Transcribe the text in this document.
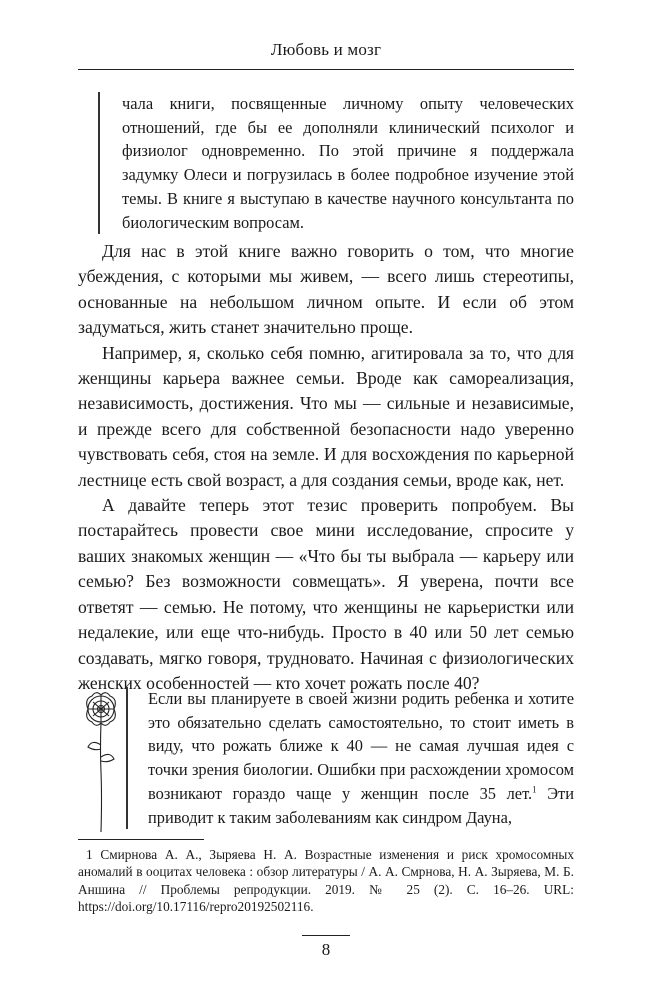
Любовь и мозг

чала книги, посвященные личному опыту человеческих отношений, где бы ее дополняли клинический психолог и физиолог одновременно. По этой причине я поддержала задумку Олеси и погрузилась в более подробное изучение этой темы. В книге я выступаю в качестве научного консультанта по биологическим вопросам.

Для нас в этой книге важно говорить о том, что многие убеждения, с которыми мы живем, — всего лишь стереотипы, основанные на небольшом личном опыте. И если об этом задуматься, жить станет значительно проще.

Например, я, сколько себя помню, агитировала за то, что для женщины карьера важнее семьи. Вроде как самореализация, независимость, достижения. Что мы — сильные и независимые, и прежде всего для собственной безопасности надо уверенно чувствовать себя, стоя на земле. И для восхождения по карьерной лестнице есть свой возраст, а для создания семьи, вроде как, нет.

А давайте теперь этот тезис проверить попробуем. Вы постарайтесь провести свое мини исследование, спросите у ваших знакомых женщин — «Что бы ты выбрала — карьеру или семью? Без возможности совмещать». Я уверена, почти все ответят — семью. Не потому, что женщины не карьеристки или недалекие, или еще что-нибудь. Просто в 40 или 50 лет семью создавать, мягко говоря, трудновато. Начиная с физиологических женских особенностей — кто хочет рожать после 40?

Если вы планируете в своей жизни родить ребенка и хотите это обязательно сделать самостоятельно, то стоит иметь в виду, что рожать ближе к 40 — не самая лучшая идея с точки зрения биологии. Ошибки при расхождении хромосом возникают гораздо чаще у женщин после 35 лет.$^1$ Эти приводит к таким заболеваниям как синдром Дауна,

1 Смирнова А. А., Зыряева Н. А. Возрастные изменения и риск хромосомных аномалий в ооцитах человека : обзор литературы / А. А. Смрнова, Н. А. Зыряева, М. Б. Аншина // Проблемы репродукции. 2019. № 25 (2). С. 16–26. URL: https://doi.org/10.17116/repro20192502116.

8
